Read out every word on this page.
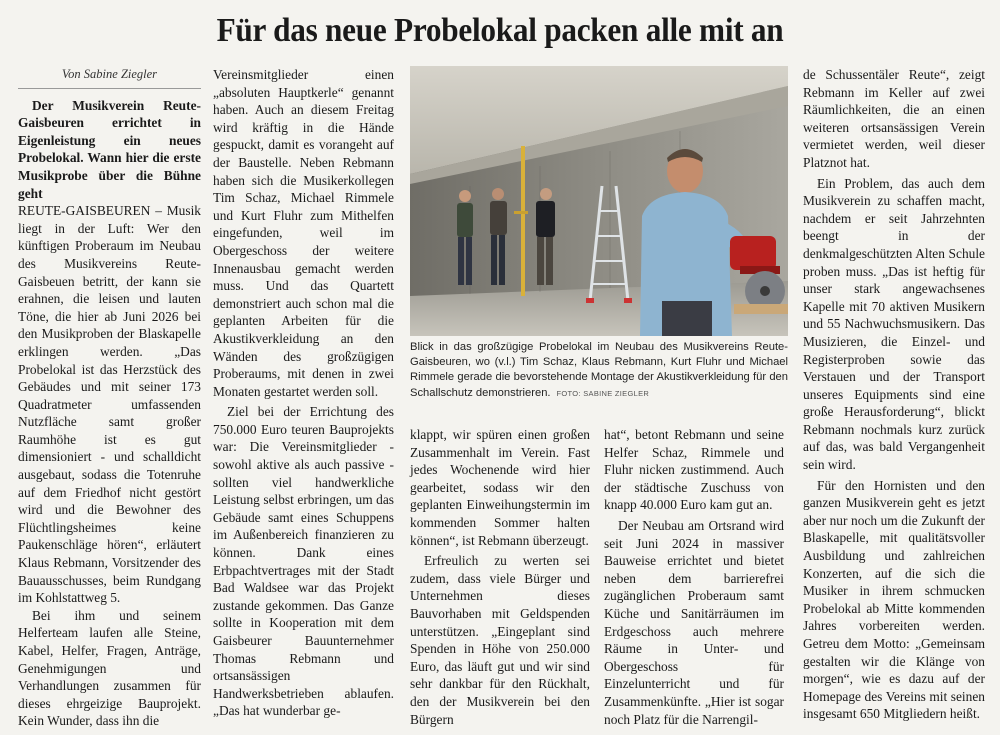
Für das neue Probelokal packen alle mit an
Von Sabine Ziegler

Der Musikverein Reute-Gaisbeuren errichtet in Eigenleistung ein neues Probelokal. Wann hier die erste Musikprobe über die Bühne geht

REUTE-GAISBEUREN – Musik liegt in der Luft: Wer den künftigen Proberaum im Neubau des Musikvereins Reute-Gaisbeuen betritt, der kann sie erahnen, die leisen und lauten Töne, die hier ab Juni 2026 bei den Musikproben der Blaskapelle erklingen werden. „Das Probelokal ist das Herzstück des Gebäudes und mit seiner 173 Quadratmeter umfassenden Nutzfläche samt großer Raumhöhe ist es gut dimensioniert - und schalldicht ausgebaut, sodass die Totenruhe auf dem Friedhof nicht gestört wird und die Bewohner des Flüchtlingsheimes keine Paukenschläge hören“, erläutert Klaus Rebmann, Vorsitzender des Bauausschusses, beim Rundgang im Kohlstattweg 5.

Bei ihm und seinem Helferteam laufen alle Steine, Kabel, Helfer, Fragen, Anträge, Genehmigungen und Verhandlungen zusammen für dieses ehrgeizige Bauprojekt. Kein Wunder, dass ihn die

Vereinsmitglieder einen „absoluten Hauptkerle“ genannt haben. Auch an diesem Freitag wird kräftig in die Hände gespuckt, damit es vorangeht auf der Baustelle. Neben Rebmann haben sich die Musikerkollegen Tim Schaz, Michael Rimmele und Kurt Fluhr zum Mithelfen eingefunden, weil im Obergeschoss der weitere Innenausbau gemacht werden muss. Und das Quartett demonstriert auch schon mal die geplanten Arbeiten für die Akustikverkleidung an den Wänden des großzügigen Proberaums, mit denen in zwei Monaten gestartet werden soll.

Ziel bei der Errichtung des 750.000 Euro teuren Bauprojekts war: Die Vereinsmitglieder - sowohl aktive als auch passive - sollten viel handwerkliche Leistung selbst erbringen, um das Gebäude samt eines Schuppens im Außenbereich finanzieren zu können. Dank eines Erbpachtvertrages mit der Stadt Bad Waldsee war das Projekt zustande gekommen. Das Ganze sollte in Kooperation mit dem Gaisbeurer Bauunternehmer Thomas Rebmann und ortsansässigen Handwerksbetrieben ablaufen. „Das hat wunderbar ge-

Blick in das großzügige Probelokal im Neubau des Musikvereins Reute-Gaisbeuren, wo (v.l.) Tim Schaz, Klaus Rebmann, Kurt Fluhr und Michael Rimmele gerade die bevorstehende Montage der Akustikverkleidung für den Schallschutz demonstrieren. FOTO: SABINE ZIEGLER

klappt, wir spüren einen großen Zusammenhalt im Verein. Fast jedes Wochenende wird hier gearbeitet, sodass wir den geplanten Einweihungstermin im kommenden Sommer halten können“, ist Rebmann überzeugt.

Erfreulich zu werten sei zudem, dass viele Bürger und Unternehmen dieses Bauvorhaben mit Geldspenden unterstützen. „Eingeplant sind Spenden in Höhe von 250.000 Euro, das läuft gut und wir sind sehr dankbar für den Rückhalt, den der Musikverein bei den Bürgern

hat“, betont Rebmann und seine Helfer Schaz, Rimmele und Fluhr nicken zustimmend. Auch der städtische Zuschuss von knapp 40.000 Euro kam gut an.

Der Neubau am Ortsrand wird seit Juni 2024 in massiver Bauweise errichtet und bietet neben dem barrierefrei zugänglichen Proberaum samt Küche und Sanitärräumen im Erdgeschoss auch mehrere Räume in Unter- und Obergeschoss für Einzelunterricht und für Zusammenkünfte. „Hier ist sogar noch Platz für die Narrengil-

de Schussentäler Reute“, zeigt Rebmann im Keller auf zwei Räumlichkeiten, die an einen weiteren ortsansässigen Verein vermietet werden, weil dieser Platznot hat.

Ein Problem, das auch dem Musikverein zu schaffen macht, nachdem er seit Jahrzehnten beengt in der denkmalgeschützten Alten Schule proben muss. „Das ist heftig für unser stark angewachsenes Kapelle mit 70 aktiven Musikern und 55 Nachwuchsmusikern. Das Musizieren, die Einzel- und Registerproben sowie das Verstauen und der Transport unseres Equipments sind eine große Herausforderung“, blickt Rebmann nochmals kurz zurück auf das, was bald Vergangenheit sein wird.

Für den Hornisten und den ganzen Musikverein geht es jetzt aber nur noch um die Zukunft der Blaskapelle, mit qualitätsvoller Ausbildung und zahlreichen Konzerten, auf die sich die Musiker in ihrem schmucken Probelokal ab Mitte kommenden Jahres vorbereiten werden. Getreu dem Motto: „Gemeinsam gestalten wir die Klänge von morgen“, wie es dazu auf der Homepage des Vereins mit seinen insgesamt 650 Mitgliedern heißt.
